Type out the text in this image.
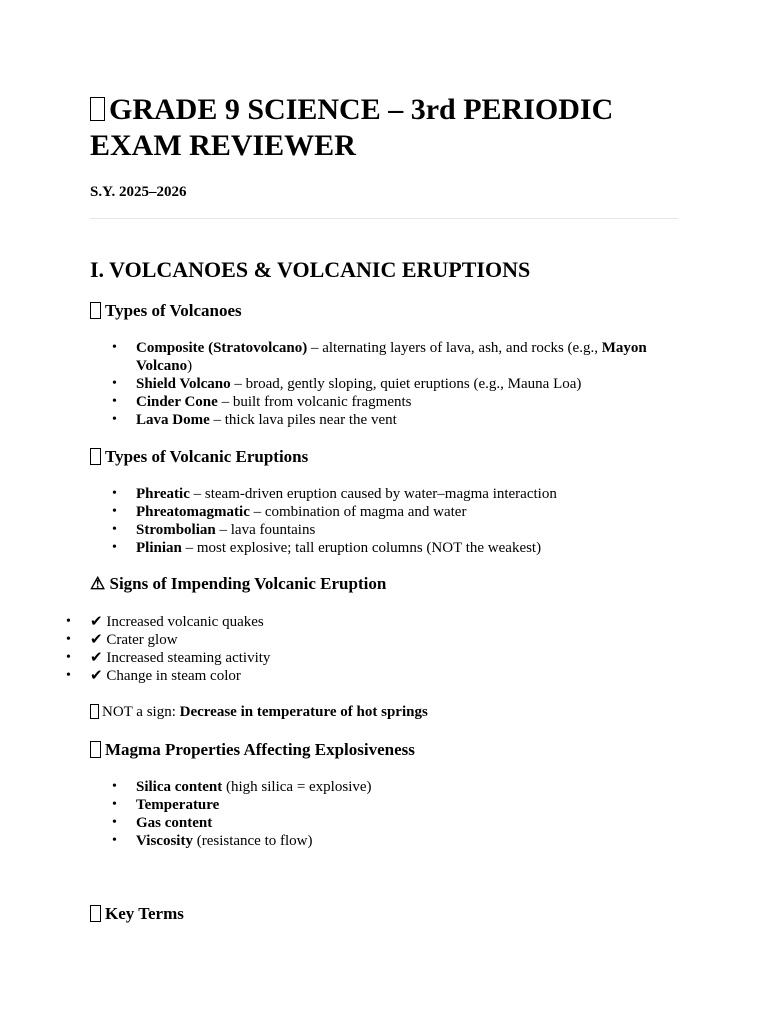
GRADE 9 SCIENCE – 3rd PERIODIC EXAM REVIEWER

S.Y. 2025–2026

I. VOLCANOES & VOLCANIC ERUPTIONS
Types of Volcanoes
• Composite (Stratovolcano) – alternating layers of lava, ash, and rocks (e.g., Mayon Volcano)
• Shield Volcano – broad, gently sloping, quiet eruptions (e.g., Mauna Loa)
• Cinder Cone – built from volcanic fragments
• Lava Dome – thick lava piles near the vent
Types of Volcanic Eruptions
• Phreatic – steam-driven eruption caused by water–magma interaction
• Phreatomagmatic – combination of magma and water
• Strombolian – lava fountains
• Plinian – most explosive; tall eruption columns (NOT the weakest)
⚠ Signs of Impending Volcanic Eruption
• ✔ Increased volcanic quakes
• ✔ Crater glow
• ✔ Increased steaming activity
• ✔ Change in steam color

NOT a sign: Decrease in temperature of hot springs

Magma Properties Affecting Explosiveness
• Silica content (high silica = explosive)
• Temperature
• Gas content
• Viscosity (resistance to flow)
Key Terms
